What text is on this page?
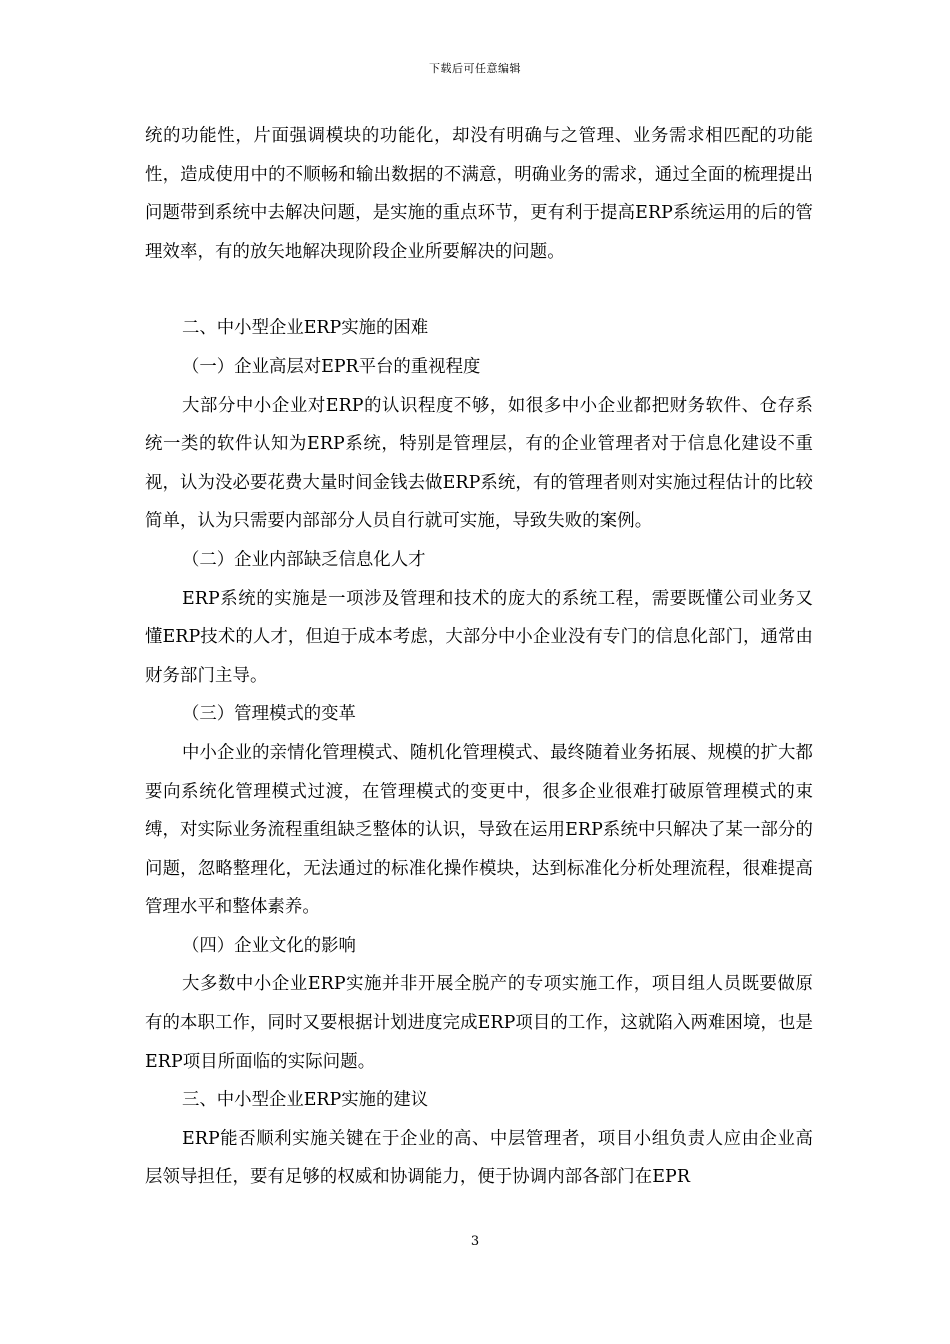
下载后可任意编辑

统的功能性，片面强调模块的功能化，却没有明确与之管理、业务需求相匹配的功能性，造成使用中的不顺畅和输出数据的不满意，明确业务的需求，通过全面的梳理提出问题带到系统中去解决问题，是实施的重点环节，更有利于提高ERP系统运用的后的管理效率，有的放矢地解决现阶段企业所要解决的问题。

二、中小型企业ERP实施的困难

（一）企业高层对EPR平台的重视程度

大部分中小企业对ERP的认识程度不够，如很多中小企业都把财务软件、仓存系统一类的软件认知为ERP系统，特别是管理层，有的企业管理者对于信息化建设不重视，认为没必要花费大量时间金钱去做ERP系统，有的管理者则对实施过程估计的比较简单，认为只需要内部部分人员自行就可实施，导致失败的案例。

（二）企业内部缺乏信息化人才

ERP系统的实施是一项涉及管理和技术的庞大的系统工程，需要既懂公司业务又懂ERP技术的人才，但迫于成本考虑，大部分中小企业没有专门的信息化部门，通常由财务部门主导。

（三）管理模式的变革

中小企业的亲情化管理模式、随机化管理模式、最终随着业务拓展、规模的扩大都要向系统化管理模式过渡，在管理模式的变更中，很多企业很难打破原管理模式的束缚，对实际业务流程重组缺乏整体的认识，导致在运用ERP系统中只解决了某一部分的问题，忽略整理化，无法通过的标准化操作模块，达到标准化分析处理流程，很难提高管理水平和整体素养。

（四）企业文化的影响

大多数中小企业ERP实施并非开展全脱产的专项实施工作，项目组人员既要做原有的本职工作，同时又要根据计划进度完成ERP项目的工作，这就陷入两难困境，也是ERP项目所面临的实际问题。

三、中小型企业ERP实施的建议

ERP能否顺利实施关键在于企业的高、中层管理者，项目小组负责人应由企业高层领导担任，要有足够的权威和协调能力，便于协调内部各部门在EPR

3
